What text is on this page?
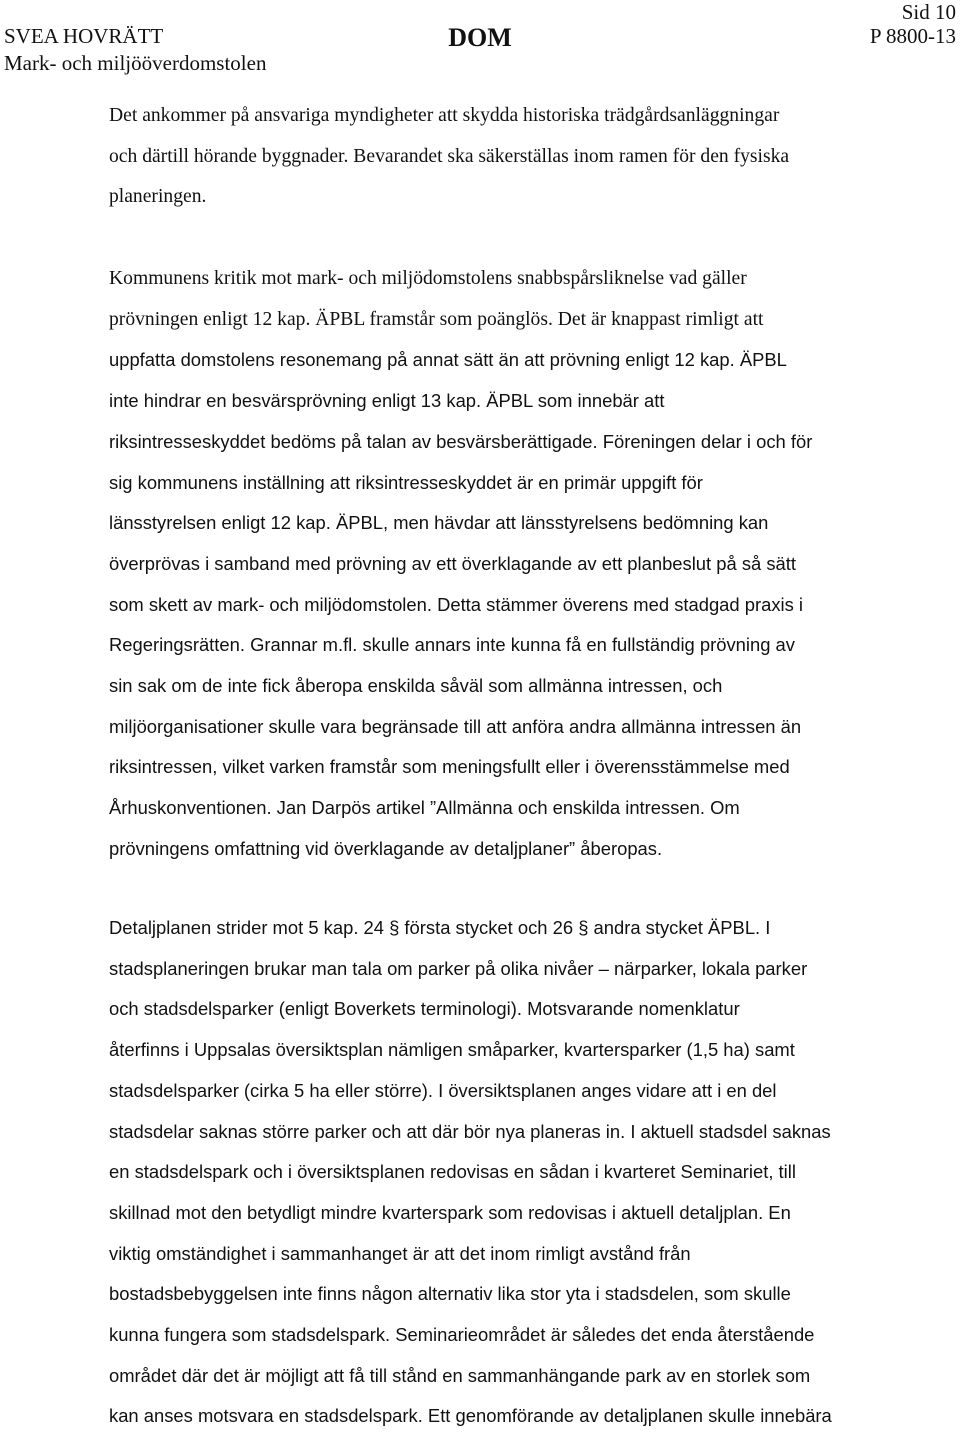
SVEA HOVRÄTT
Mark- och miljööverdomstolen
DOM
Sid 10
P 8800-13

Det ankommer på ansvariga myndigheter att skydda historiska trädgårdsanläggningar

och därtill hörande byggnader. Bevarandet ska säkerställas inom ramen för den fysiska

planeringen.

Kommunens kritik mot mark- och miljödomstolens snabbspårsliknelse vad gäller

prövningen enligt 12 kap. ÄPBL framstår som poänglös. Det är knappast rimligt att

uppfatta domstolens resonemang på annat sätt än att prövning enligt 12 kap. ÄPBL

inte hindrar en besvärsprövning enligt 13 kap. ÄPBL som innebär att

riksintresseskyddet bedöms på talan av besvärsberättigade. Föreningen delar i och för

sig kommunens inställning att riksintresseskyddet är en primär uppgift för

länsstyrelsen enligt 12 kap. ÄPBL, men hävdar att länsstyrelsens bedömning kan

överprövas i samband med prövning av ett överklagande av ett planbeslut på så sätt

som skett av mark- och miljödomstolen. Detta stämmer överens med stadgad praxis i

Regeringsrätten. Grannar m.fl. skulle annars inte kunna få en fullständig prövning av

sin sak om de inte fick åberopa enskilda såväl som allmänna intressen, och

miljöorganisationer skulle vara begränsade till att anföra andra allmänna intressen än

riksintressen, vilket varken framstår som meningsfullt eller i överensstämmelse med

Århuskonventionen. Jan Darpös artikel ”Allmänna och enskilda intressen. Om

prövningens omfattning vid överklagande av detaljplaner” åberopas.

Detaljplanen strider mot 5 kap. 24 § första stycket och 26 § andra stycket ÄPBL. I

stadsplaneringen brukar man tala om parker på olika nivåer – närparker, lokala parker

och stadsdelsparker (enligt Boverkets terminologi). Motsvarande nomenklatur

återfinns i Uppsalas översiktsplan nämligen småparker, kvartersparker (1,5 ha) samt

stadsdelsparker (cirka 5 ha eller större). I översiktsplanen anges vidare att i en del

stadsdelar saknas större parker och att där bör nya planeras in. I aktuell stadsdel saknas

en stadsdelspark och i översiktsplanen redovisas en sådan i kvarteret Seminariet, till

skillnad mot den betydligt mindre kvarterspark som redovisas i aktuell detaljplan. En

viktig omständighet i sammanhanget är att det inom rimligt avstånd från

bostadsbebyggelsen inte finns någon alternativ lika stor yta i stadsdelen, som skulle

kunna fungera som stadsdelspark. Seminarieområdet är således det enda återstående

området där det är möjligt att få till stånd en sammanhängande park av en storlek som

kan anses motsvara en stadsdelspark. Ett genomförande av detaljplanen skulle innebära
